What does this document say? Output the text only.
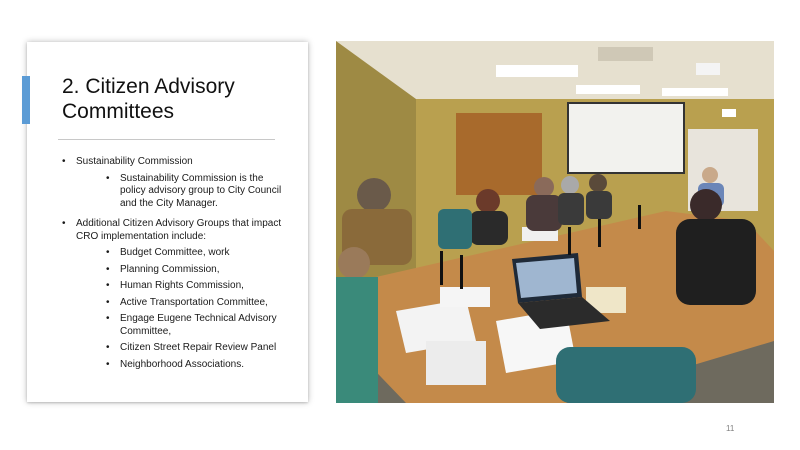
2. Citizen Advisory Committees
• Sustainability Commission
• Sustainability Commission is the policy advisory group to City Council and the City Manager.
• Additional Citizen Advisory Groups that impact CRO implementation include:
• Budget Committee, work
• Planning Commission,
• Human Rights Commission,
• Active Transportation Committee,
• Engage Eugene Technical Advisory Committee,
• Citizen Street Repair Review Panel
• Neighborhood Associations.
11
